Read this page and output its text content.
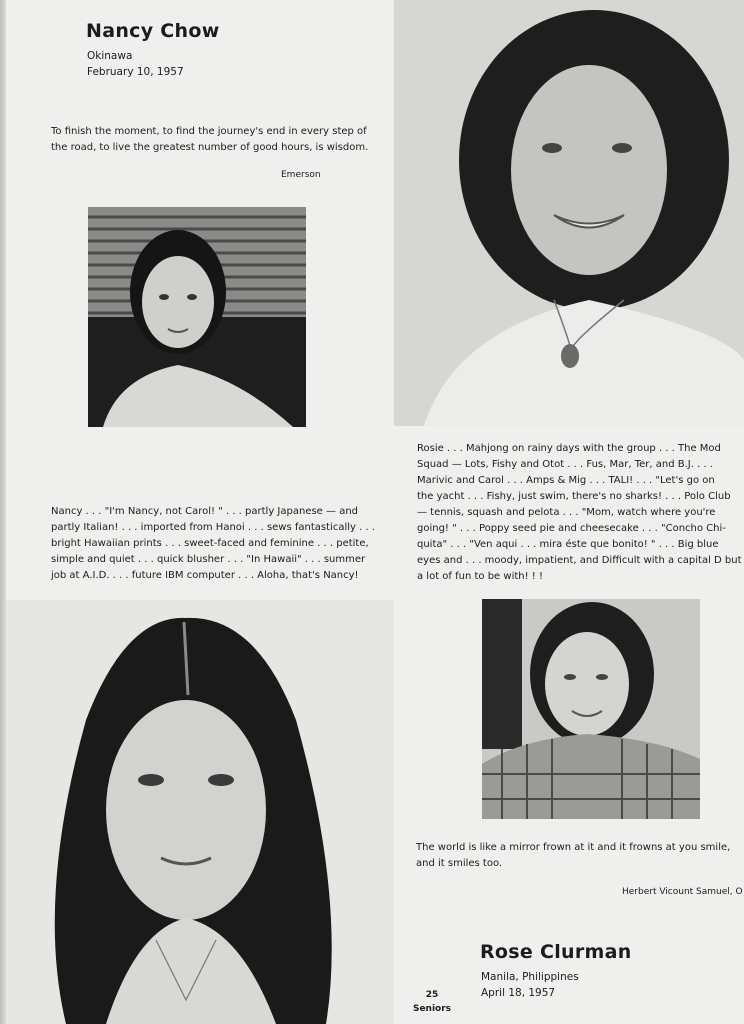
Nancy Chow
Okinawa
February 10, 1957
To finish the moment, to find the journey's end in every step of
the road, to live the greatest number of good hours, is wisdom.
Emerson
Nancy . . . "I'm Nancy, not Carol! " . . . partly Japanese — and
partly Italian! . . . imported from Hanoi . . . sews fantastically . . .
bright Hawaiian prints . . . sweet-faced and feminine . . . petite,
simple and quiet . . . quick blusher . . . "In Hawaii" . . . summer
job at A.I.D. . . . future IBM computer . . . Aloha, that's Nancy!
Rosie . . . Mahjong on rainy days with the group . . . The Mod
Squad — Lots, Fishy and Otot . . . Fus, Mar, Ter, and B.J. . . .
Marivic and Carol . . . Amps & Mig . . . TALI! . . . "Let's go on
the yacht . . . Fishy, just swim, there's no sharks! . . . Polo Club
— tennis, squash and pelota . . . "Mom, watch where you're
going! " . . . Poppy seed pie and cheesecake . . . "Concho Chi-
quita" . . . "Ven aqui . . . mira éste que bonito! " . . . Big blue
eyes and . . . moody, impatient, and Difficult with a capital D but
a lot of fun to be with! ! !
The world is like a mirror frown at it and it frowns at you smile,
and it smiles too.
Herbert Vicount Samuel, O
Rose Clurman
Manila, Philippines
April 18, 1957
25
Seniors
